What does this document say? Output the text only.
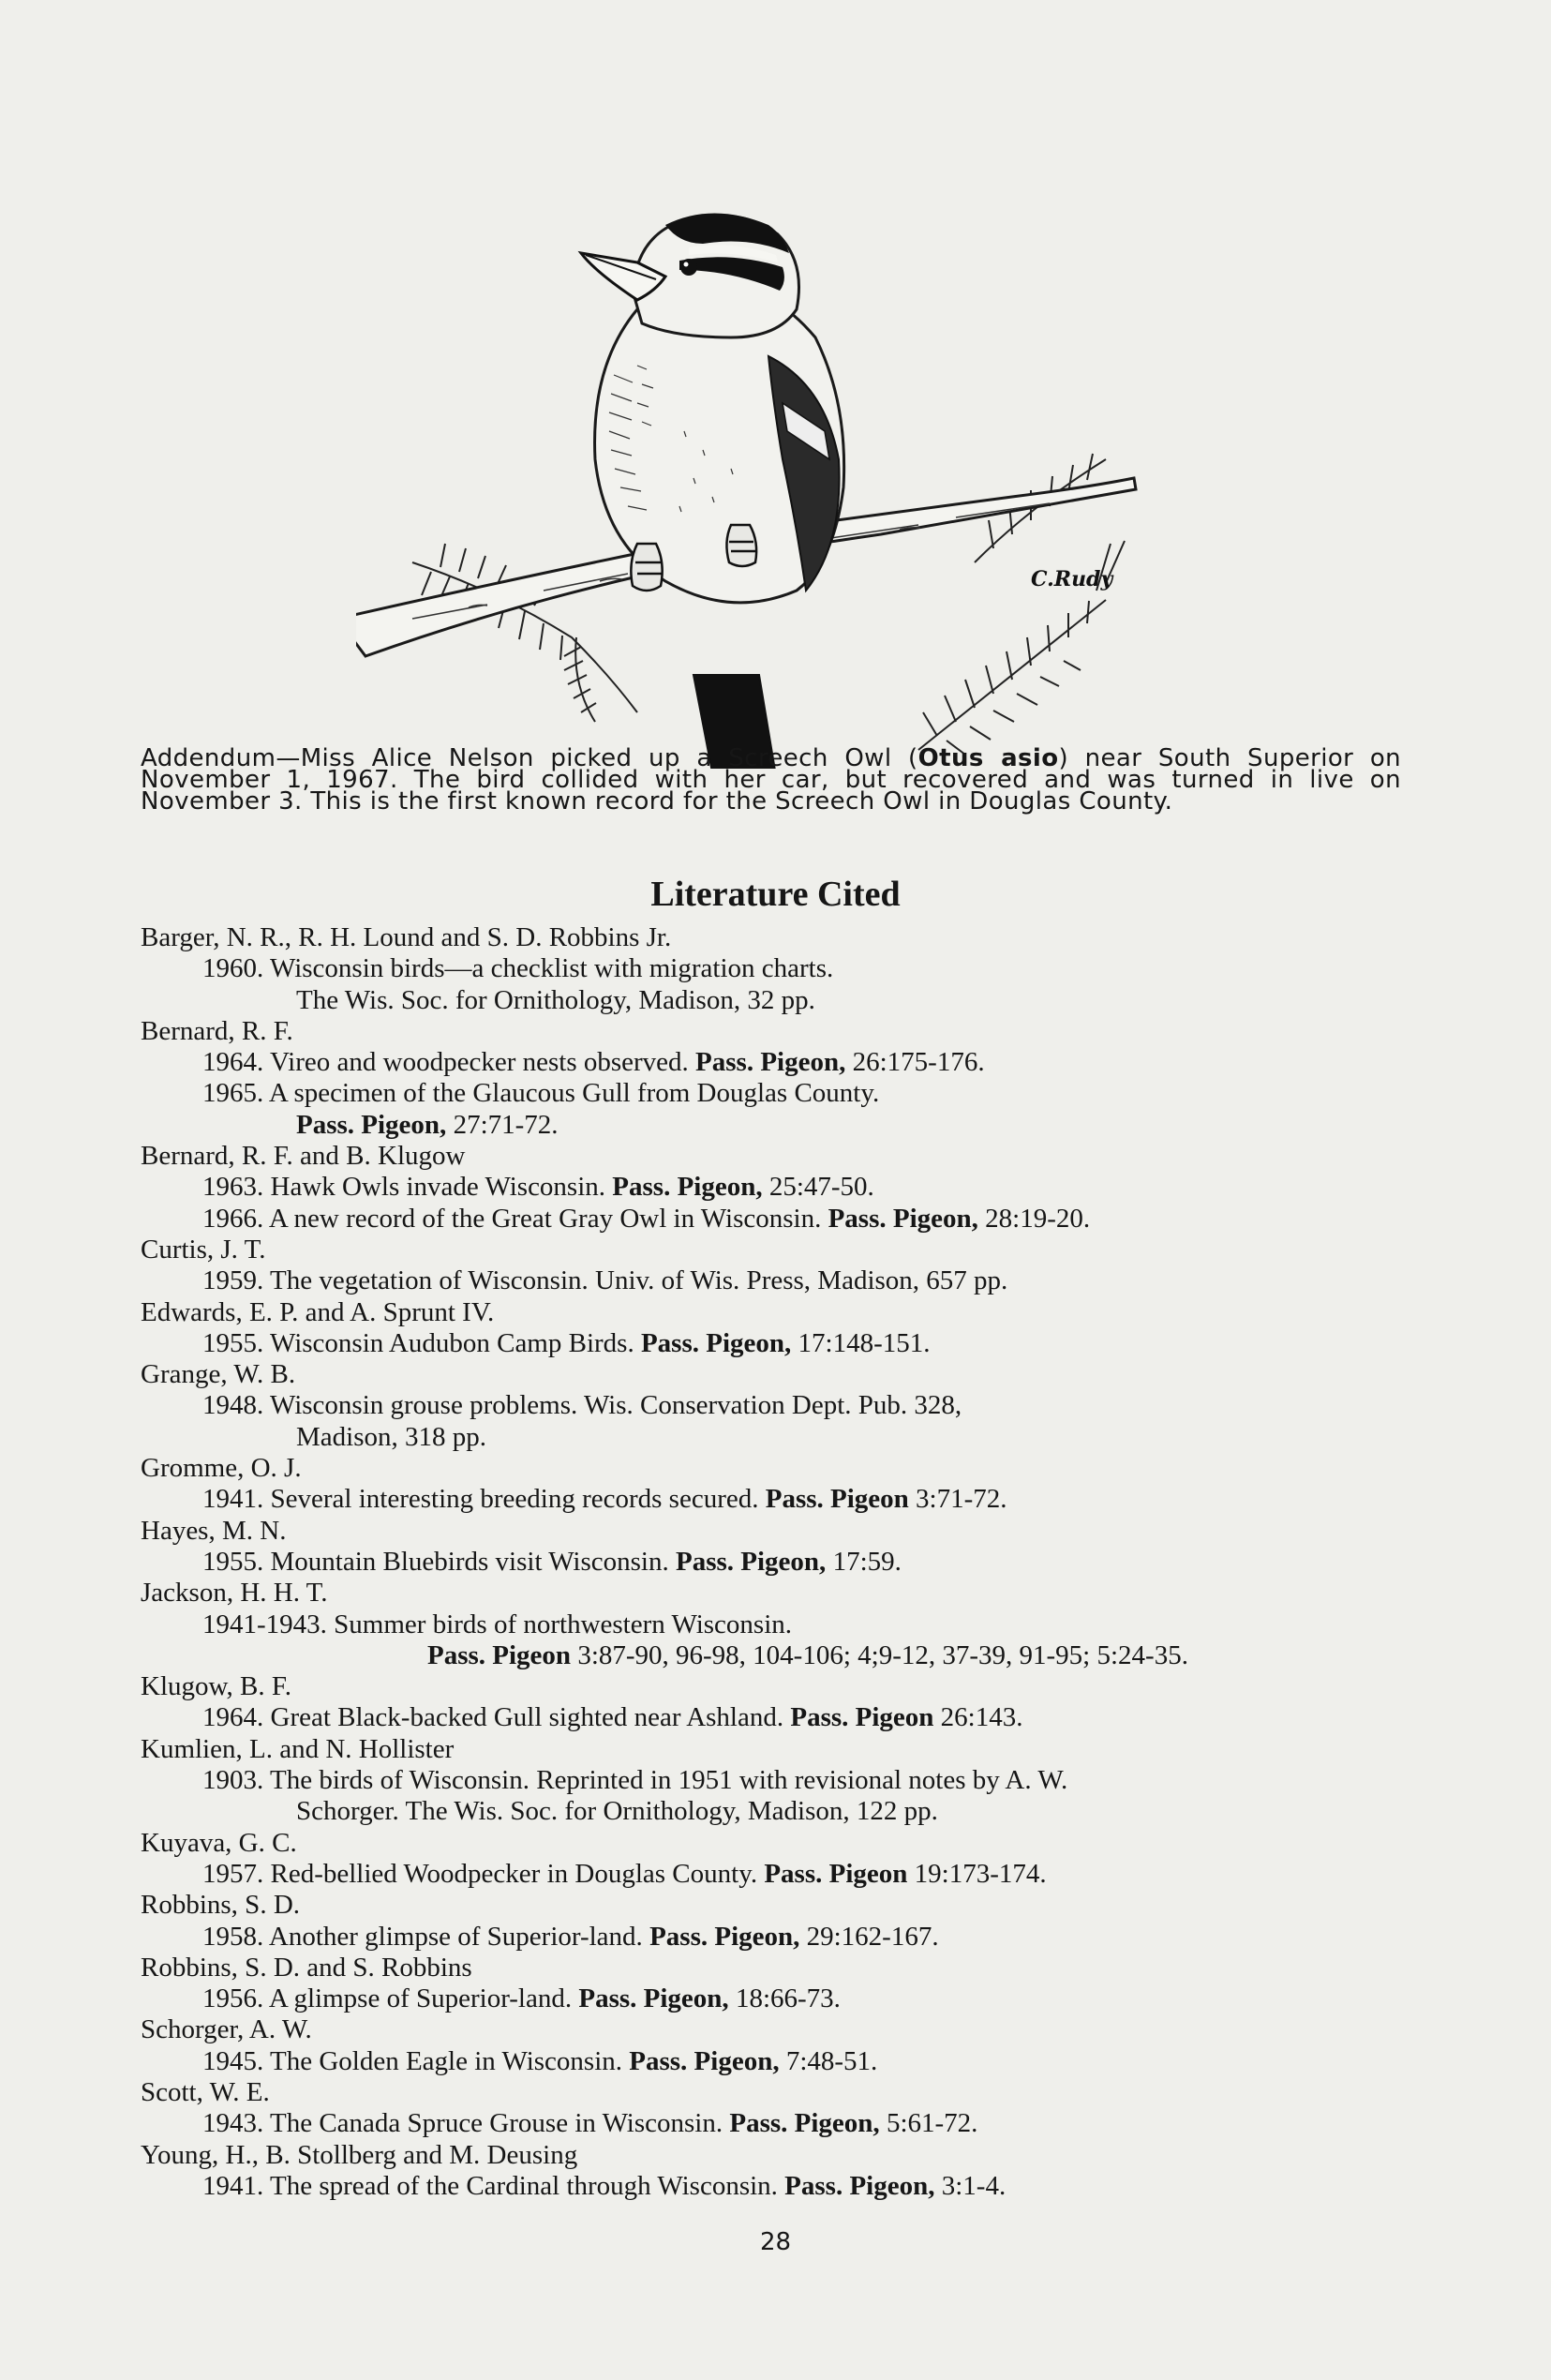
C.Rudy
Addendum—Miss Alice Nelson picked up a Screech Owl (Otus asio) near South Superior on November 1, 1967. The bird collided with her car, but recovered and was turned in live on November 3. This is the first known record for the Screech Owl in Douglas County.
Literature Cited
Barger, N. R., R. H. Lound and S. D. Robbins Jr.
1960. Wisconsin birds—a checklist with migration charts.
The Wis. Soc. for Ornithology, Madison, 32 pp.
Bernard, R. F.
1964. Vireo and woodpecker nests observed. Pass. Pigeon, 26:175-176.
1965. A specimen of the Glaucous Gull from Douglas County.
Pass. Pigeon, 27:71-72.
Bernard, R. F. and B. Klugow
1963. Hawk Owls invade Wisconsin. Pass. Pigeon, 25:47-50.
1966. A new record of the Great Gray Owl in Wisconsin. Pass. Pigeon, 28:19-20.
Curtis, J. T.
1959. The vegetation of Wisconsin. Univ. of Wis. Press, Madison, 657 pp.
Edwards, E. P. and A. Sprunt IV.
1955. Wisconsin Audubon Camp Birds. Pass. Pigeon, 17:148-151.
Grange, W. B.
1948. Wisconsin grouse problems. Wis. Conservation Dept. Pub. 328,
Madison, 318 pp.
Gromme, O. J.
1941. Several interesting breeding records secured. Pass. Pigeon 3:71-72.
Hayes, M. N.
1955. Mountain Bluebirds visit Wisconsin. Pass. Pigeon, 17:59.
Jackson, H. H. T.
1941-1943. Summer birds of northwestern Wisconsin.
Pass. Pigeon 3:87-90, 96-98, 104-106; 4;9-12, 37-39, 91-95; 5:24-35.
Klugow, B. F.
1964. Great Black-backed Gull sighted near Ashland. Pass. Pigeon 26:143.
Kumlien, L. and N. Hollister
1903. The birds of Wisconsin. Reprinted in 1951 with revisional notes by A. W.
Schorger. The Wis. Soc. for Ornithology, Madison, 122 pp.
Kuyava, G. C.
1957. Red-bellied Woodpecker in Douglas County. Pass. Pigeon 19:173-174.
Robbins, S. D.
1958. Another glimpse of Superior-land. Pass. Pigeon, 29:162-167.
Robbins, S. D. and S. Robbins
1956. A glimpse of Superior-land. Pass. Pigeon, 18:66-73.
Schorger, A. W.
1945. The Golden Eagle in Wisconsin. Pass. Pigeon, 7:48-51.
Scott, W. E.
1943. The Canada Spruce Grouse in Wisconsin. Pass. Pigeon, 5:61-72.
Young, H., B. Stollberg and M. Deusing
1941. The spread of the Cardinal through Wisconsin. Pass. Pigeon, 3:1-4.
28
